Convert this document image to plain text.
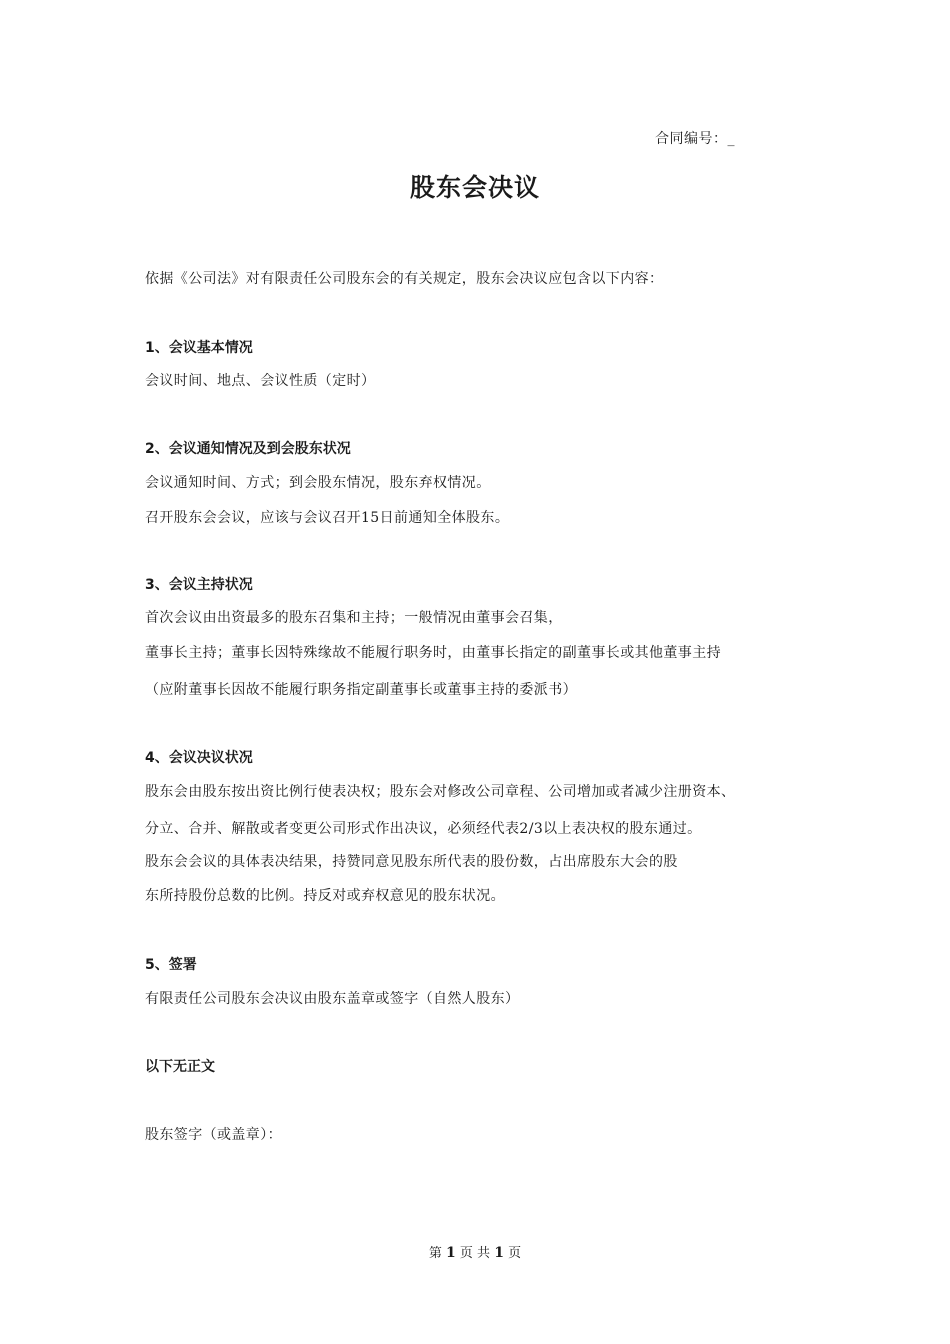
合同编号：_
股东会决议
依据《公司法》对有限责任公司股东会的有关规定，股东会决议应包含以下内容：
1、会议基本情况
会议时间、地点、会议性质（定时）
2、会议通知情况及到会股东状况
会议通知时间、方式；到会股东情况，股东弃权情况。
召开股东会会议，应该与会议召开15日前通知全体股东。
3、会议主持状况
首次会议由出资最多的股东召集和主持；一般情况由董事会召集，
董事长主持；董事长因特殊缘故不能履行职务时，由董事长指定的副董事长或其他董事主持
（应附董事长因故不能履行职务指定副董事长或董事主持的委派书）
4、会议决议状况
股东会由股东按出资比例行使表决权；股东会对修改公司章程、公司增加或者减少注册资本、
分立、合并、解散或者变更公司形式作出决议，必须经代表2/3以上表决权的股东通过。
股东会会议的具体表决结果，持赞同意见股东所代表的股份数，占出席股东大会的股
东所持股份总数的比例。持反对或弃权意见的股东状况。
5、签署
有限责任公司股东会决议由股东盖章或签字（自然人股东）
以下无正文
股东签字（或盖章）：
第 1 页 共 1 页
